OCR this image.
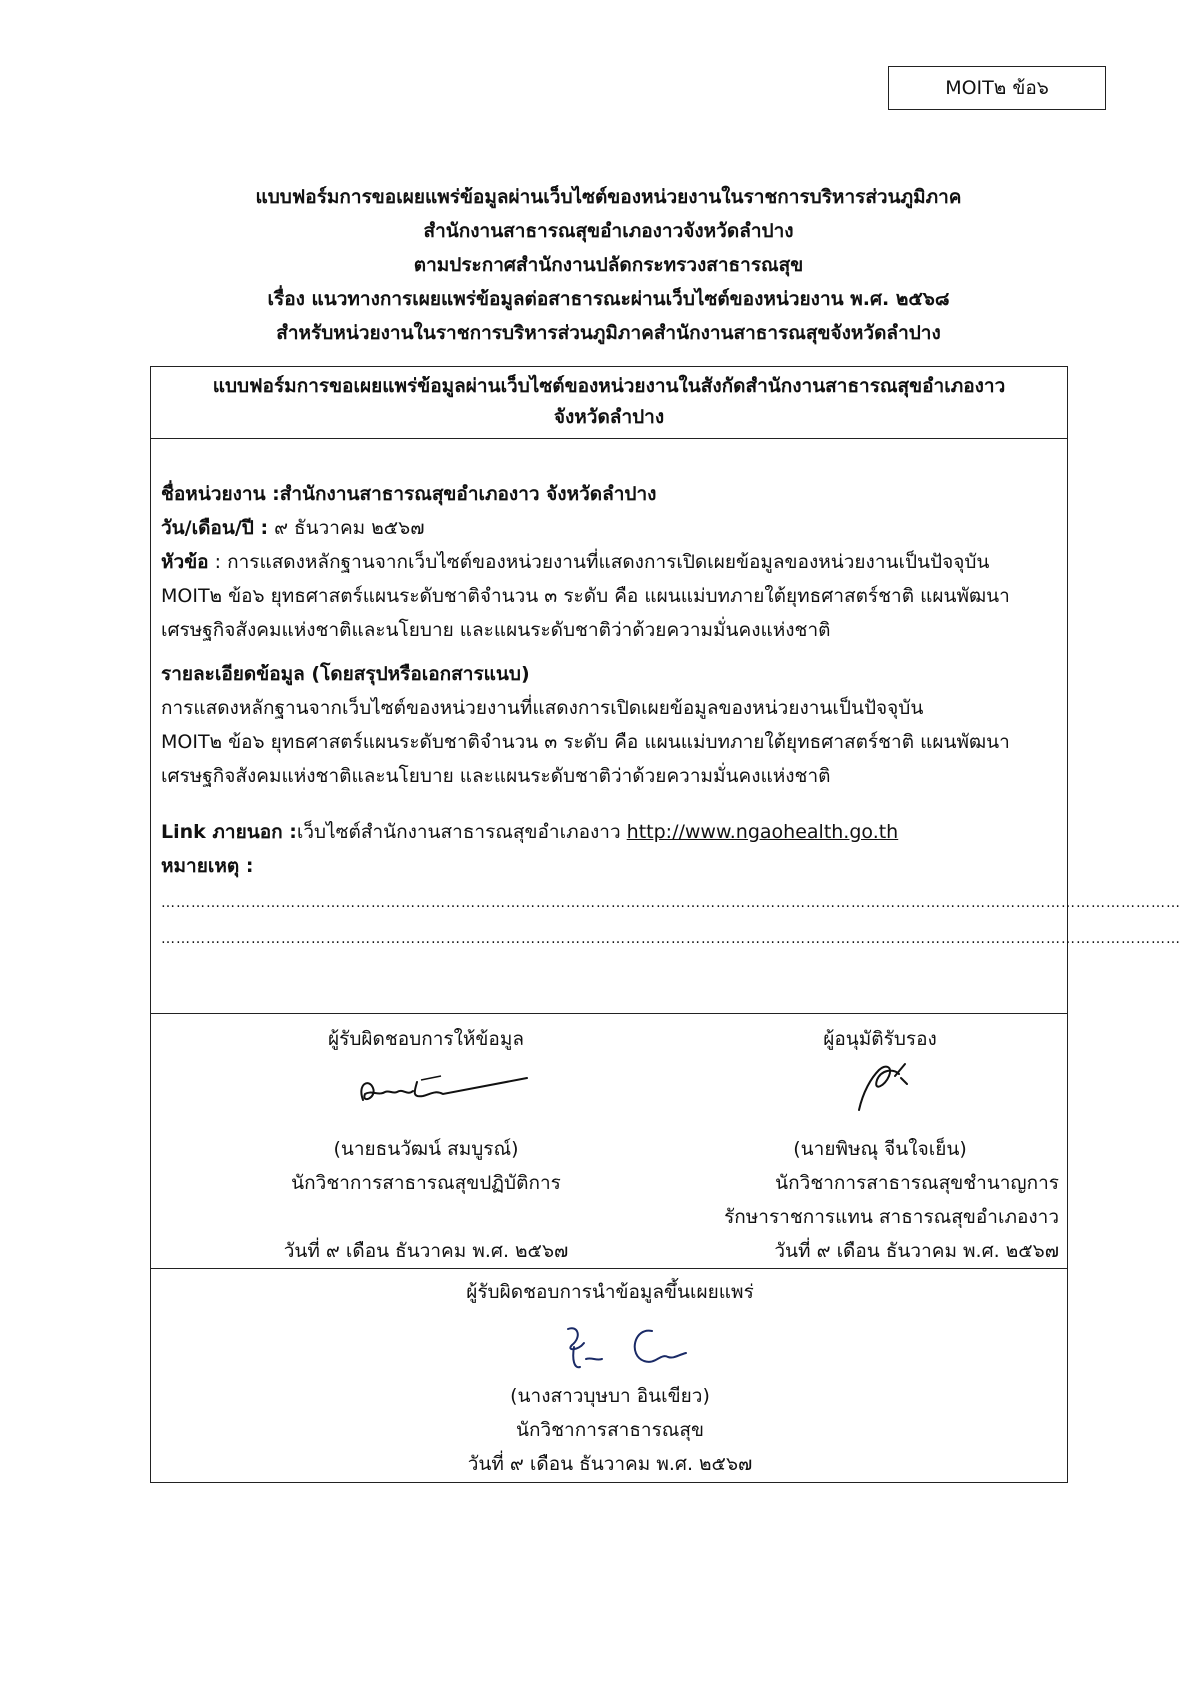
MOIT๒ ข้อ๖
แบบฟอร์มการขอเผยแพร่ข้อมูลผ่านเว็บไซต์ของหน่วยงานในราชการบริหารส่วนภูมิภาค
สำนักงานสาธารณสุขอำเภองาวจังหวัดลำปาง
ตามประกาศสำนักงานปลัดกระทรวงสาธารณสุข
เรื่อง แนวทางการเผยแพร่ข้อมูลต่อสาธารณะผ่านเว็บไซต์ของหน่วยงาน พ.ศ. ๒๕๖๘
สำหรับหน่วยงานในราชการบริหารส่วนภูมิภาคสำนักงานสาธารณสุขจังหวัดลำปาง
แบบฟอร์มการขอเผยแพร่ข้อมูลผ่านเว็บไซต์ของหน่วยงานในสังกัดสำนักงานสาธารณสุขอำเภองาว
จังหวัดลำปาง
ชื่อหน่วยงาน :สำนักงานสาธารณสุขอำเภองาว จังหวัดลำปาง
วัน/เดือน/ปี : ๙ ธันวาคม ๒๕๖๗
หัวข้อ : การแสดงหลักฐานจากเว็บไซต์ของหน่วยงานที่แสดงการเปิดเผยข้อมูลของหน่วยงานเป็นปัจจุบัน
MOIT๒ ข้อ๖ ยุทธศาสตร์แผนระดับชาติจำนวน ๓ ระดับ คือ แผนแม่บทภายใต้ยุทธศาสตร์ชาติ แผนพัฒนา
เศรษฐกิจสังคมแห่งชาติและนโยบาย และแผนระดับชาติว่าด้วยความมั่นคงแห่งชาติ
รายละเอียดข้อมูล (โดยสรุปหรือเอกสารแนบ)
การแสดงหลักฐานจากเว็บไซต์ของหน่วยงานที่แสดงการเปิดเผยข้อมูลของหน่วยงานเป็นปัจจุบัน
MOIT๒ ข้อ๖ ยุทธศาสตร์แผนระดับชาติจำนวน ๓ ระดับ คือ แผนแม่บทภายใต้ยุทธศาสตร์ชาติ แผนพัฒนา
เศรษฐกิจสังคมแห่งชาติและนโยบาย และแผนระดับชาติว่าด้วยความมั่นคงแห่งชาติ
Link ภายนอก :เว็บไซต์สำนักงานสาธารณสุขอำเภองาว http://www.ngaohealth.go.th
หมายเหตุ :
……………………………………………………………………………………………………………………………………………………………………………………
……………………………………………………………………………………………………………………………………………………………………………………
ผู้รับผิดชอบการให้ข้อมูล
(นายธนวัฒน์ สมบูรณ์)
นักวิชาการสาธารณสุขปฏิบัติการ
วันที่ ๙ เดือน ธันวาคม พ.ศ. ๒๕๖๗
ผู้อนุมัติรับรอง
(นายพิษณุ จีนใจเย็น)
นักวิชาการสาธารณสุขชำนาญการ
รักษาราชการแทน สาธารณสุขอำเภองาว
วันที่ ๙ เดือน ธันวาคม พ.ศ. ๒๕๖๗
ผู้รับผิดชอบการนำข้อมูลขึ้นเผยแพร่
(นางสาวบุษบา อินเขียว)
นักวิชาการสาธารณสุข
วันที่ ๙ เดือน ธันวาคม พ.ศ. ๒๕๖๗
